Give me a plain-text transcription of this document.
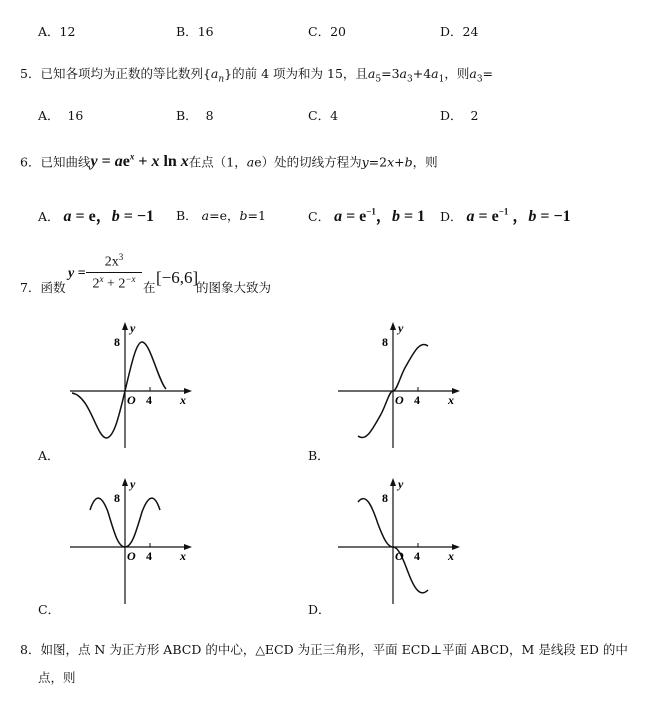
A．12	B．16	C．20	D．24
5．已知各项均为正数的等比数列$\{a_n\}$的前 4 项为和为 15，且$a_5=3a_3+4a_1$，则$a_3=$
A． 16	B． 8	C．4	D． 2
6．已知曲线$y = ae^x + x$ ln x在点（1，ae）处的切线方程为y=2x+b，则
A． a = e，b = −1 B． a=e，b=1	C． $a = e^{-1}$，b = 1 D． $a = e^{-1}$ ，b = −1
7．函数
y =
$2x^3$
$2^x + 2^{-x}$
在
[−6,6]
的图象大致为
y
8
O 4 x
A．
y
8
O 4 x
B．
y
8
O 4 x
C．
y
8
O 4 x
D．
8．如图，点 N 为正方形 ABCD 的中心，△ECD 为正三角形，平面 ECD⊥平面 ABCD，M 是线段 ED 的中
点，则
